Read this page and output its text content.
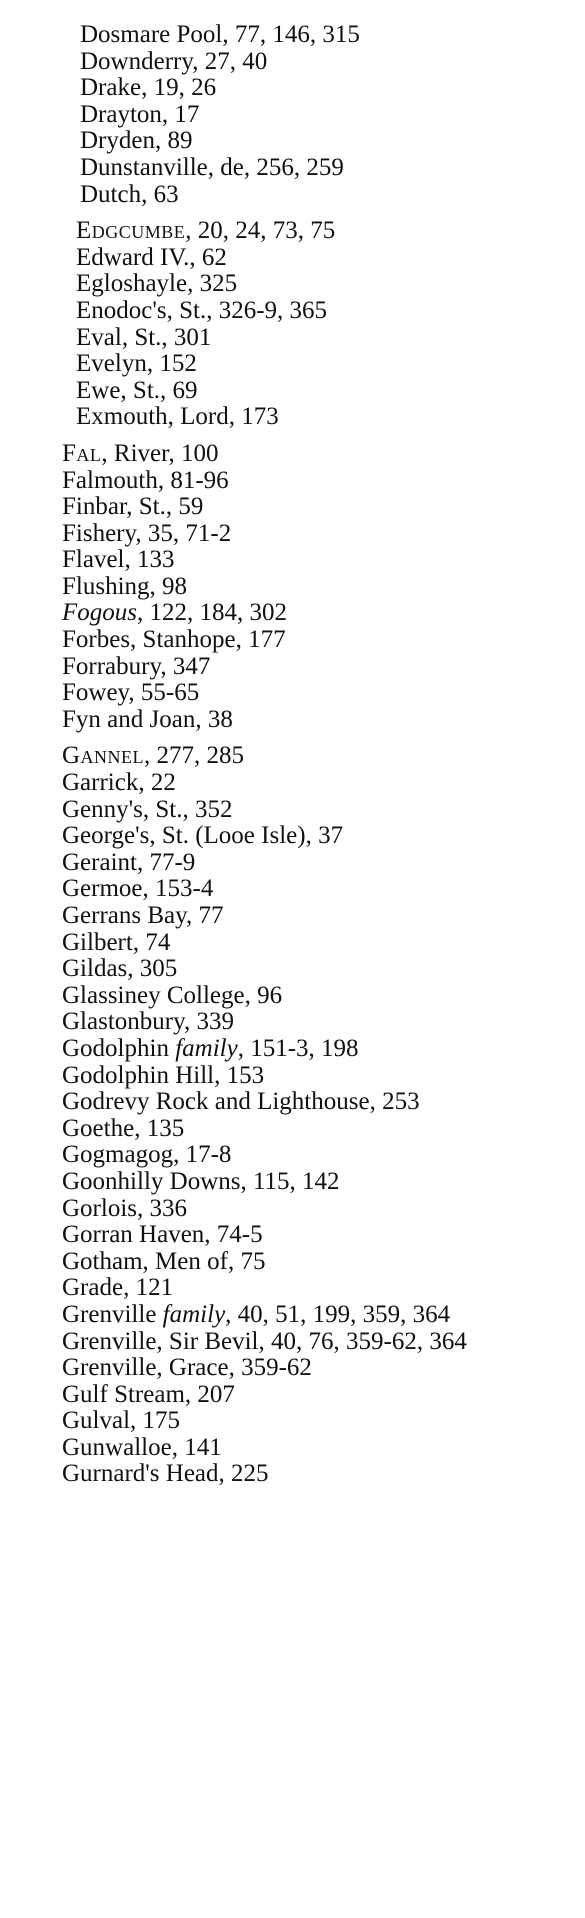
Dosmare Pool, 77, 146, 315
Downderry, 27, 40
Drake, 19, 26
Drayton, 17
Dryden, 89
Dunstanville, de, 256, 259
Dutch, 63
Edgcumbe, 20, 24, 73, 75
Edward IV., 62
Egloshayle, 325
Enodoc's, St., 326-9, 365
Eval, St., 301
Evelyn, 152
Ewe, St., 69
Exmouth, Lord, 173
Fal, River, 100
Falmouth, 81-96
Finbar, St., 59
Fishery, 35, 71-2
Flavel, 133
Flushing, 98
Fogous, 122, 184, 302
Forbes, Stanhope, 177
Forrabury, 347
Fowey, 55-65
Fyn and Joan, 38
Gannel, 277, 285
Garrick, 22
Genny's, St., 352
George's, St. (Looe Isle), 37
Geraint, 77-9
Germoe, 153-4
Gerrans Bay, 77
Gilbert, 74
Gildas, 305
Glassiney College, 96
Glastonbury, 339
Godolphin family, 151-3, 198
Godolphin Hill, 153
Godrevy Rock and Lighthouse, 253
Goethe, 135
Gogmagog, 17-8
Goonhilly Downs, 115, 142
Gorlois, 336
Gorran Haven, 74-5
Gotham, Men of, 75
Grade, 121
Grenville family, 40, 51, 199, 359, 364
Grenville, Sir Bevil, 40, 76, 359-62, 364
Grenville, Grace, 359-62
Gulf Stream, 207
Gulval, 175
Gunwalloe, 141
Gurnard's Head, 225
